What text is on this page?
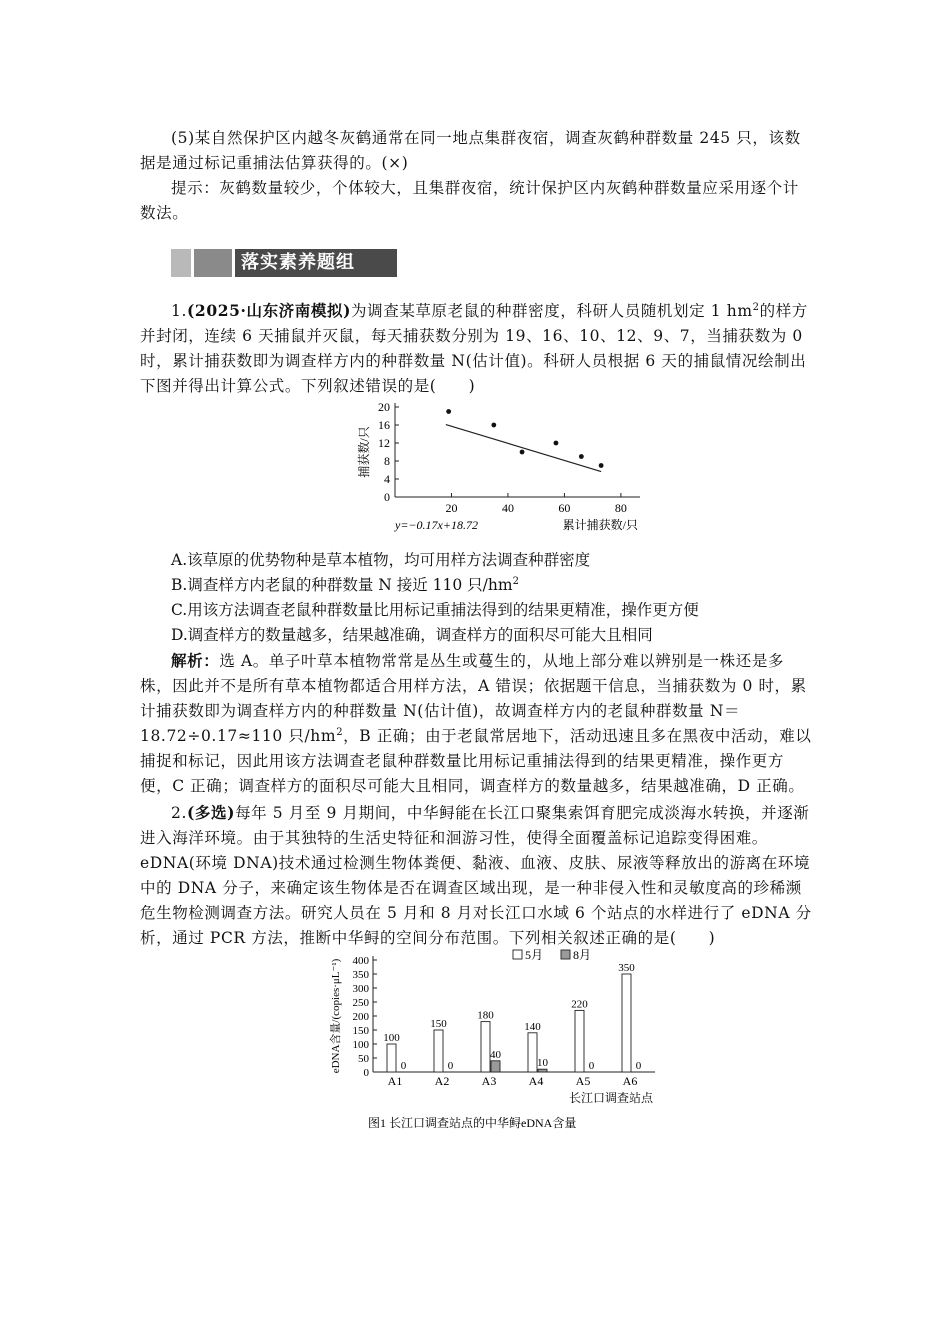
(5)某自然保护区内越冬灰鹤通常在同一地点集群夜宿，调查灰鹤种群数量 245 只，该数据是通过标记重捕法估算获得的。(×)
提示：灰鹤数量较少，个体较大，且集群夜宿，统计保护区内灰鹤种群数量应采用逐个计数法。
落实素养题组
1.(2025·山东济南模拟)为调查某草原老鼠的种群密度，科研人员随机划定 1 $hm^2$的样方并封闭，连续 6 天捕鼠并灭鼠，每天捕获数分别为 19、16、10、12、9、7，当捕获数为 0 时，累计捕获数即为调查样方内的种群数量 N(估计值)。科研人员根据 6 天的捕鼠情况绘制出下图并得出计算公式。下列叙述错误的是(　　)
0
4
8
12
16
20
20	40	60	80
捕获数/只
y=−0.17x+18.72	累计捕获数/只
A.该草原的优势物种是草本植物，均可用样方法调查种群密度
B.调查样方内老鼠的种群数量 N 接近 110 只$/hm^2$
C.用该方法调查老鼠种群数量比用标记重捕法得到的结果更精准，操作更方便
D.调查样方的数量越多，结果越准确，调查样方的面积尽可能大且相同
解析：选 A。单子叶草本植物常常是丛生或蔓生的，从地上部分难以辨别是一株还是多株，因此并不是所有草本植物都适合用样方法，A 错误；依据题干信息，当捕获数为 0 时，累计捕获数即为调查样方内的种群数量 N(估计值)，故调查样方内的老鼠种群数量 N＝18.72÷0.17≈110 只$/hm^2$，B 正确；由于老鼠常居地下，活动迅速且多在黑夜中活动，难以捕捉和标记，因此用该方法调查老鼠种群数量比用标记重捕法得到的结果更精准，操作更方便，C 正确；调查样方的面积尽可能大且相同，调查样方的数量越多，结果越准确，D 正确。
2.(多选)每年 5 月至 9 月期间，中华鲟能在长江口聚集索饵育肥完成淡海水转换，并逐渐进入海洋环境。由于其独特的生活史特征和洄游习性，使得全面覆盖标记追踪变得困难。eDNA(环境 DNA)技术通过检测生物体粪便、黏液、血液、皮肤、尿液等释放出的游离在环境中的 DNA 分子，来确定该生物体是否在调查区域出现，是一种非侵入性和灵敏度高的珍稀濒危生物检测调查方法。研究人员在 5 月和 8 月对长江口水域 6 个站点的水样进行了 eDNA 分析，通过 PCR 方法，推断中华鲟的空间分布范围。下列相关叙述正确的是(　　)
0
50
100
150
200
250
300
350
400
A1
100
0
A2
150
0
A3
180
40
A4
140
10
A5
220
0
A6
350
0
5月 8月
eDNA含量/(copies·μL⁻¹)
长江口调查站点
图1 长江口调查站点的中华鲟eDNA含量
